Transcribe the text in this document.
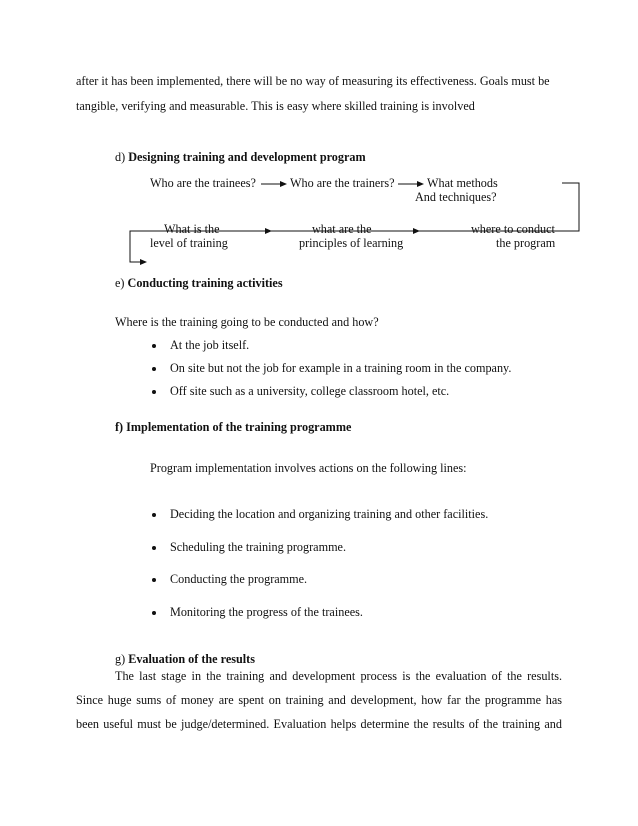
after it has been implemented, there will be no way of measuring its effectiveness. Goals must be
tangible, verifying and measurable. This is easy where skilled training is involved
d) Designing training and development program
Who are the trainees?	Who are the trainers?	What methods
And techniques?
What is the
level of training
what are the
principles of learning
where to conduct
the program
e) Conducting training activities
Where is the training going to be conducted and how?
At the job itself.
On site but not the job for example in a training room in the company.
Off site such as a university, college classroom hotel, etc.
f) Implementation of the training programme
Program implementation involves actions on the following lines:
Deciding the location and organizing training and other facilities.
Scheduling the training programme.
Conducting the programme.
Monitoring the progress of the trainees.
g) Evaluation of the results
The last stage in the training and development process is the evaluation of the results.
Since huge sums of money are spent on training and development, how far the programme has
been useful must be judge/determined. Evaluation helps determine the results of the training and
